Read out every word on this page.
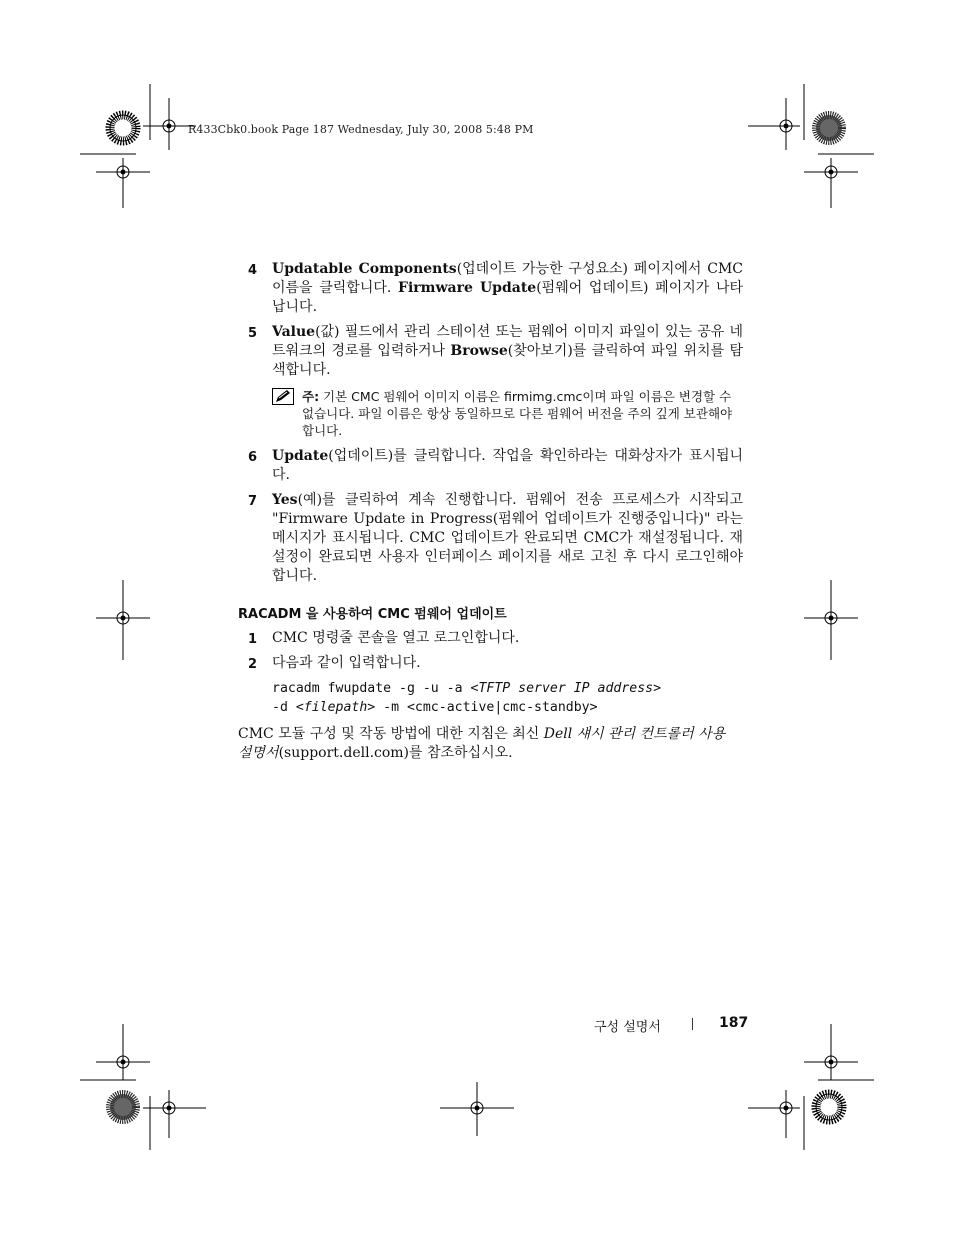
R433Cbk0.book Page 187 Wednesday, July 30, 2008 5:48 PM
4 Updatable Components(업데이트 가능한 구성요소) 페이지에서 CMC 이름을 클릭합니다. Firmware Update(펌웨어 업데이트) 페이지가 나타납니다.
5 Value(값) 필드에서 관리 스테이션 또는 펌웨어 이미지 파일이 있는 공유 네트워크의 경로를 입력하거나 Browse(찾아보기)를 클릭하여 파일 위치를 탐색합니다.
주: 기본 CMC 펌웨어 이미지 이름은 firmimg.cmc이며 파일 이름은 변경할 수 없습니다. 파일 이름은 항상 동일하므로 다른 펌웨어 버전을 주의 깊게 보관해야 합니다.
6 Update(업데이트)를 클릭합니다. 작업을 확인하라는 대화상자가 표시됩니다.
7 Yes(예)를 클릭하여 계속 진행합니다. 펌웨어 전송 프로세스가 시작되고 "Firmware Update in Progress(펌웨어 업데이트가 진행중입니다)" 라는 메시지가 표시됩니다. CMC 업데이트가 완료되면 CMC가 재설정됩니다. 재설정이 완료되면 사용자 인터페이스 페이지를 새로 고친 후 다시 로그인해야 합니다.
RACADM 을 사용하여 CMC 펌웨어 업데이트
1 CMC 명령줄 콘솔을 열고 로그인합니다.
2 다음과 같이 입력합니다.
racadm fwupdate -g -u -a <TFTP server IP address>
-d <filepath> -m <cmc-active|cmc-standby>
CMC 모듈 구성 및 작동 방법에 대한 지침은 최신 Dell 섀시 관리 컨트롤러 사용 설명서(support.dell.com)를 참조하십시오.
구성 설명서	187
